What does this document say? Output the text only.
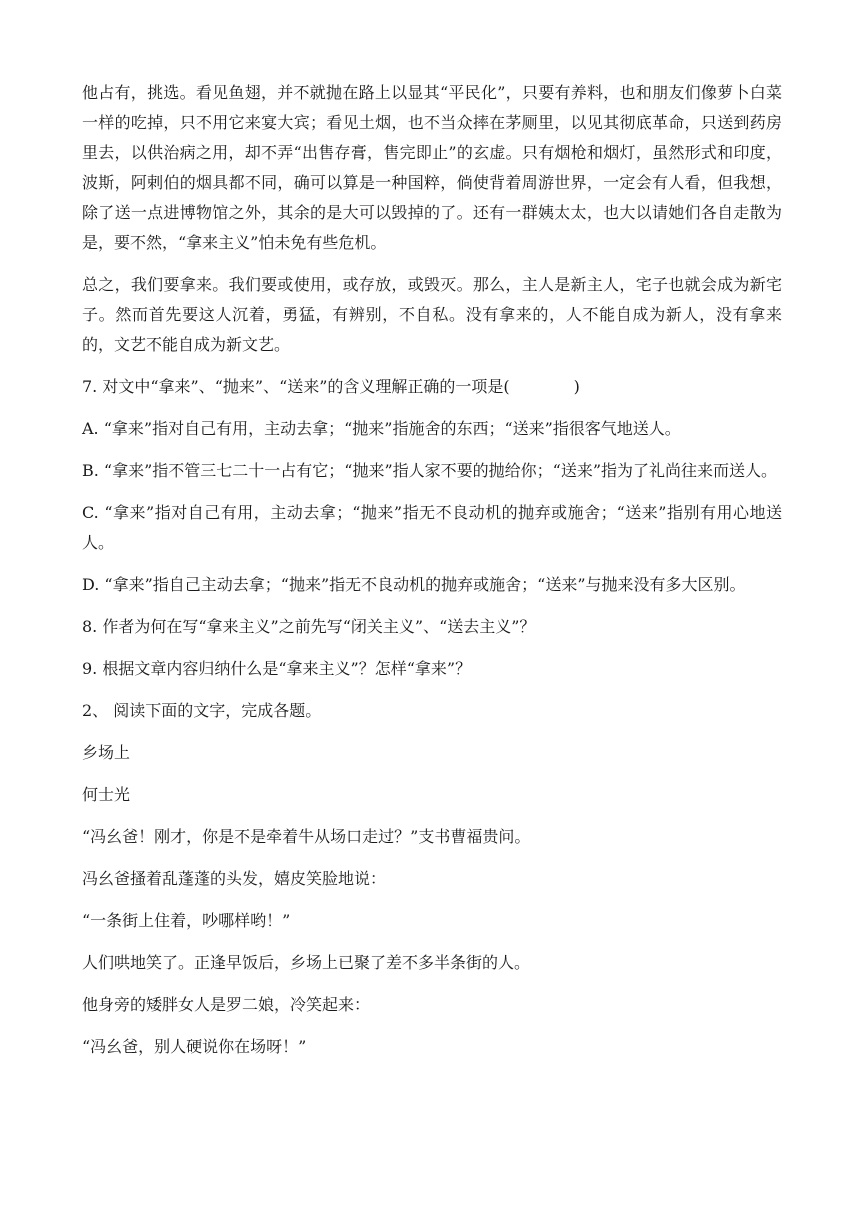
他占有，挑选。看见鱼翅，并不就抛在路上以显其“平民化”，只要有养料，也和朋友们像萝卜白菜一样的吃掉，只不用它来宴大宾；看见土烟，也不当众摔在茅厕里，以见其彻底革命，只送到药房里去，以供治病之用，却不弄“出售存膏，售完即止”的玄虚。只有烟枪和烟灯，虽然形式和印度，波斯，阿剌伯的烟具都不同，确可以算是一种国粹，倘使背着周游世界，一定会有人看，但我想，除了送一点进博物馆之外，其余的是大可以毁掉的了。还有一群姨太太，也大以请她们各自走散为是，要不然，“拿来主义”怕未免有些危机。

总之，我们要拿来。我们要或使用，或存放，或毁灭。那么，主人是新主人，宅子也就会成为新宅子。然而首先要这人沉着，勇猛，有辨别，不自私。没有拿来的，人不能自成为新人，没有拿来的，文艺不能自成为新文艺。

7. 对文中“拿来”、“抛来”、“送来”的含义理解正确的一项是(　　　　)

A. “拿来”指对自己有用，主动去拿；“抛来”指施舍的东西；“送来”指很客气地送人。

B. “拿来”指不管三七二十一占有它；“抛来”指人家不要的抛给你；“送来”指为了礼尚往来而送人。

C. “拿来”指对自己有用，主动去拿；“抛来”指无不良动机的抛弃或施舍；“送来”指别有用心地送人。

D. “拿来”指自己主动去拿；“抛来”指无不良动机的抛弃或施舍；“送来”与抛来没有多大区别。

8. 作者为何在写“拿来主义”之前先写“闭关主义”、“送去主义”？

9. 根据文章内容归纳什么是“拿来主义”？怎样“拿来”？

2、 阅读下面的文字，完成各题。

乡场上

何士光

“冯幺爸！刚才，你是不是牵着牛从场口走过？”支书曹福贵问。

冯幺爸搔着乱蓬蓬的头发，嬉皮笑脸地说：

“一条街上住着，吵哪样哟！”

人们哄地笑了。正逢早饭后，乡场上已聚了差不多半条街的人。

他身旁的矮胖女人是罗二娘，冷笑起来：

“冯幺爸，别人硬说你在场呀！”
